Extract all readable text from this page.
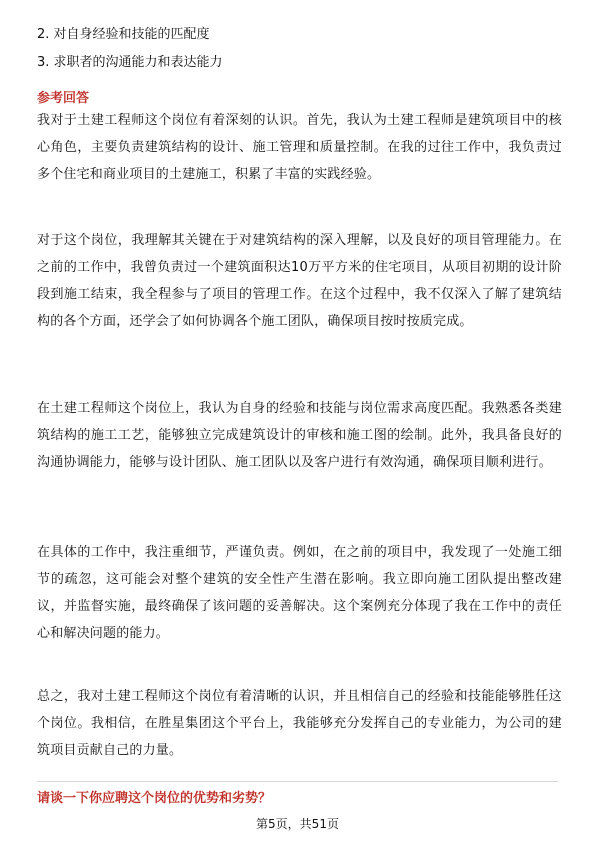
2. 对自身经验和技能的匹配度
3. 求职者的沟通能力和表达能力
参考回答

我对于土建工程师这个岗位有着深刻的认识。首先，我认为土建工程师是建筑项目中的核心角色，主要负责建筑结构的设计、施工管理和质量控制。在我的过往工作中，我负责过多个住宅和商业项目的土建施工，积累了丰富的实践经验。

对于这个岗位，我理解其关键在于对建筑结构的深入理解，以及良好的项目管理能力。在之前的工作中，我曾负责过一个建筑面积达10万平方米的住宅项目，从项目初期的设计阶段到施工结束，我全程参与了项目的管理工作。在这个过程中，我不仅深入了解了建筑结构的各个方面，还学会了如何协调各个施工团队，确保项目按时按质完成。

在土建工程师这个岗位上，我认为自身的经验和技能与岗位需求高度匹配。我熟悉各类建筑结构的施工工艺，能够独立完成建筑设计的审核和施工图的绘制。此外，我具备良好的沟通协调能力，能够与设计团队、施工团队以及客户进行有效沟通，确保项目顺利进行。

在具体的工作中，我注重细节，严谨负责。例如，在之前的项目中，我发现了一处施工细节的疏忽，这可能会对整个建筑的安全性产生潜在影响。我立即向施工团队提出整改建议，并监督实施，最终确保了该问题的妥善解决。这个案例充分体现了我在工作中的责任心和解决问题的能力。

总之，我对土建工程师这个岗位有着清晰的认识，并且相信自己的经验和技能能够胜任这个岗位。我相信，在胜星集团这个平台上，我能够充分发挥自己的专业能力，为公司的建筑项目贡献自己的力量。

请谈一下你应聘这个岗位的优势和劣势？
第5页，共51页
